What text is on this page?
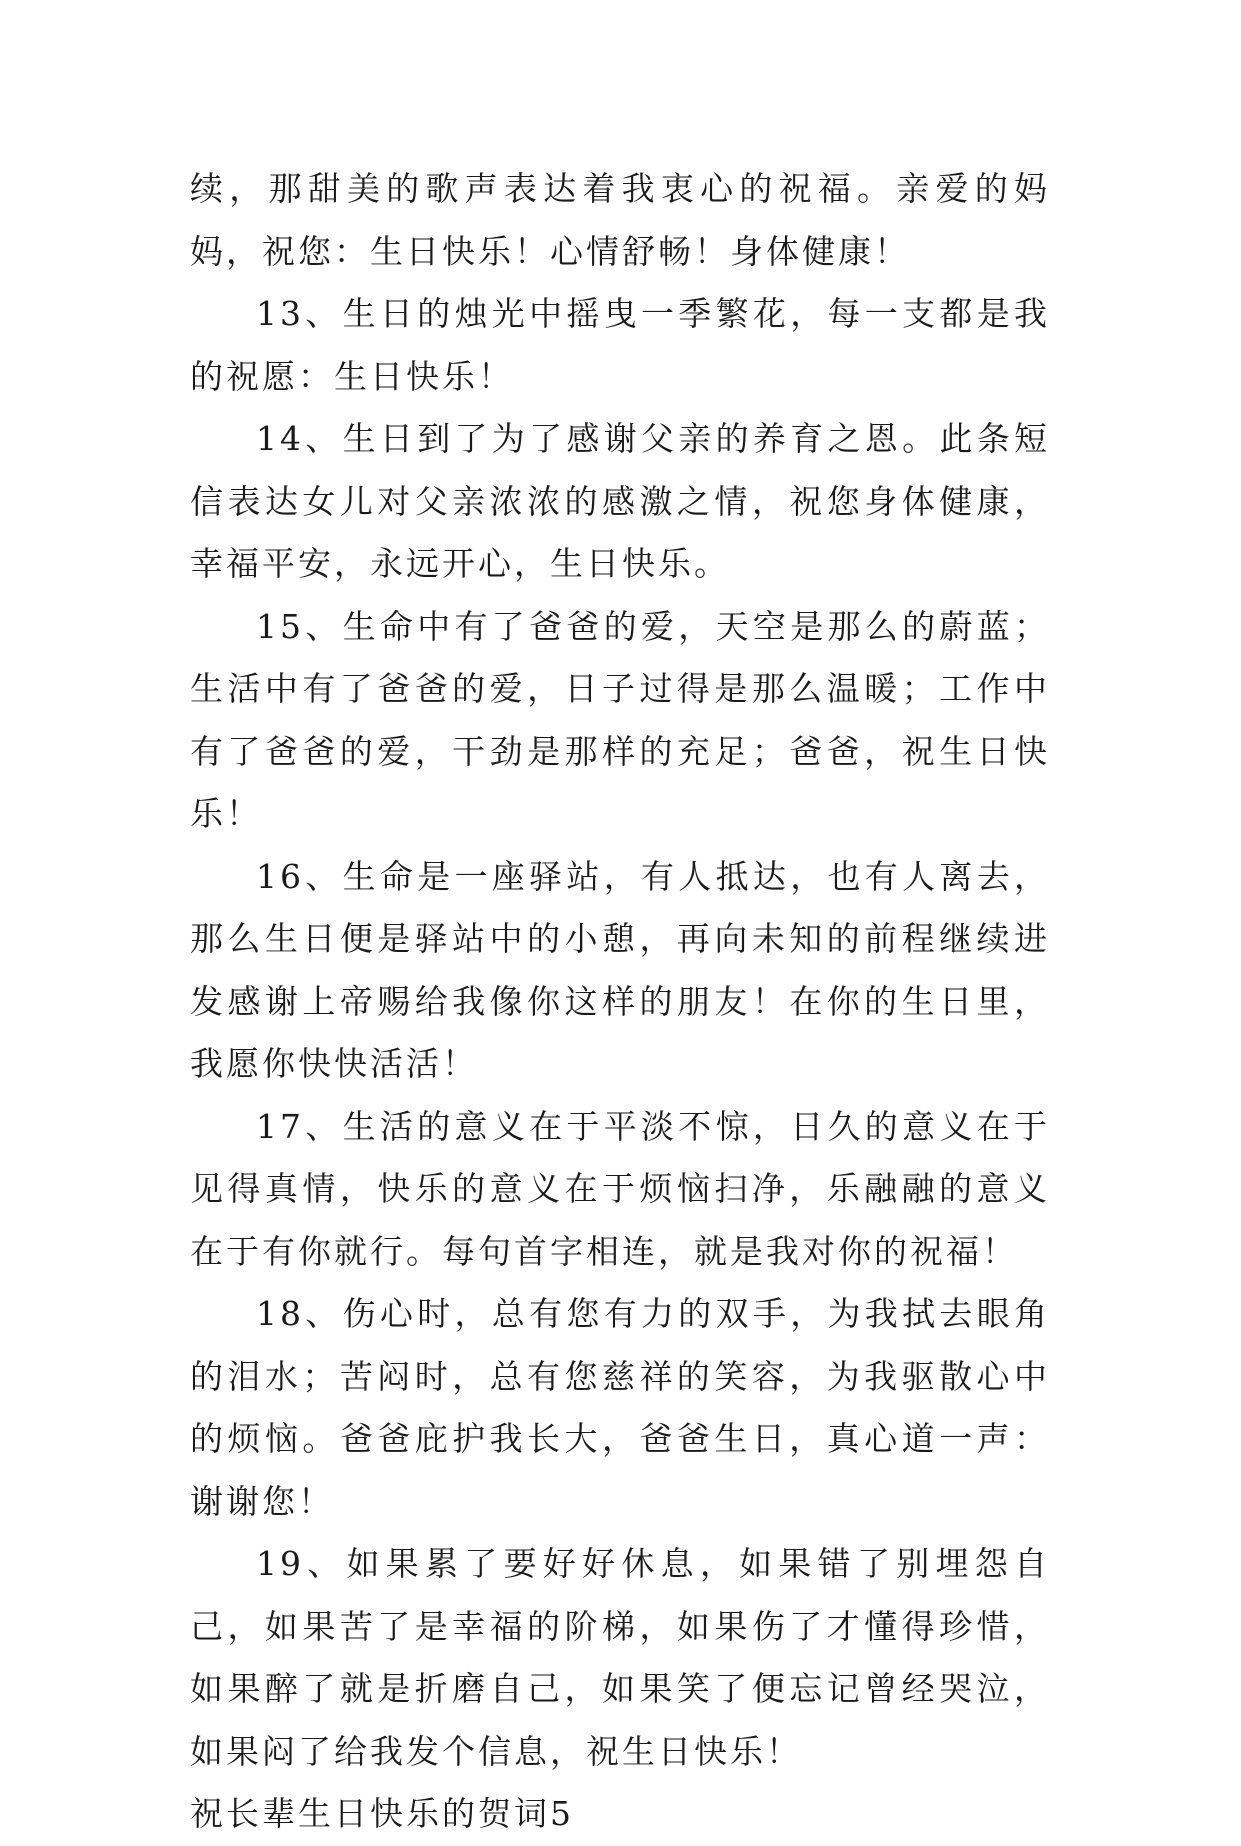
续，那甜美的歌声表达着我衷心的祝福。亲爱的妈妈，祝您：生日快乐！心情舒畅！身体健康！

13、生日的烛光中摇曳一季繁花，每一支都是我的祝愿：生日快乐！

14、生日到了为了感谢父亲的养育之恩。此条短信表达女儿对父亲浓浓的感激之情，祝您身体健康，幸福平安，永远开心，生日快乐。

15、生命中有了爸爸的爱，天空是那么的蔚蓝；生活中有了爸爸的爱，日子过得是那么温暖；工作中有了爸爸的爱，干劲是那样的充足；爸爸，祝生日快乐！

16、生命是一座驿站，有人抵达，也有人离去，那么生日便是驿站中的小憩，再向未知的前程继续进发感谢上帝赐给我像你这样的朋友！在你的生日里，我愿你快快活活！

17、生活的意义在于平淡不惊，日久的意义在于见得真情，快乐的意义在于烦恼扫净，乐融融的意义在于有你就行。每句首字相连，就是我对你的祝福！

18、伤心时，总有您有力的双手，为我拭去眼角的泪水；苦闷时，总有您慈祥的笑容，为我驱散心中的烦恼。爸爸庇护我长大，爸爸生日，真心道一声：谢谢您！

19、如果累了要好好休息，如果错了别埋怨自己，如果苦了是幸福的阶梯，如果伤了才懂得珍惜，如果醉了就是折磨自己，如果笑了便忘记曾经哭泣，如果闷了给我发个信息，祝生日快乐！

祝长辈生日快乐的贺词5
